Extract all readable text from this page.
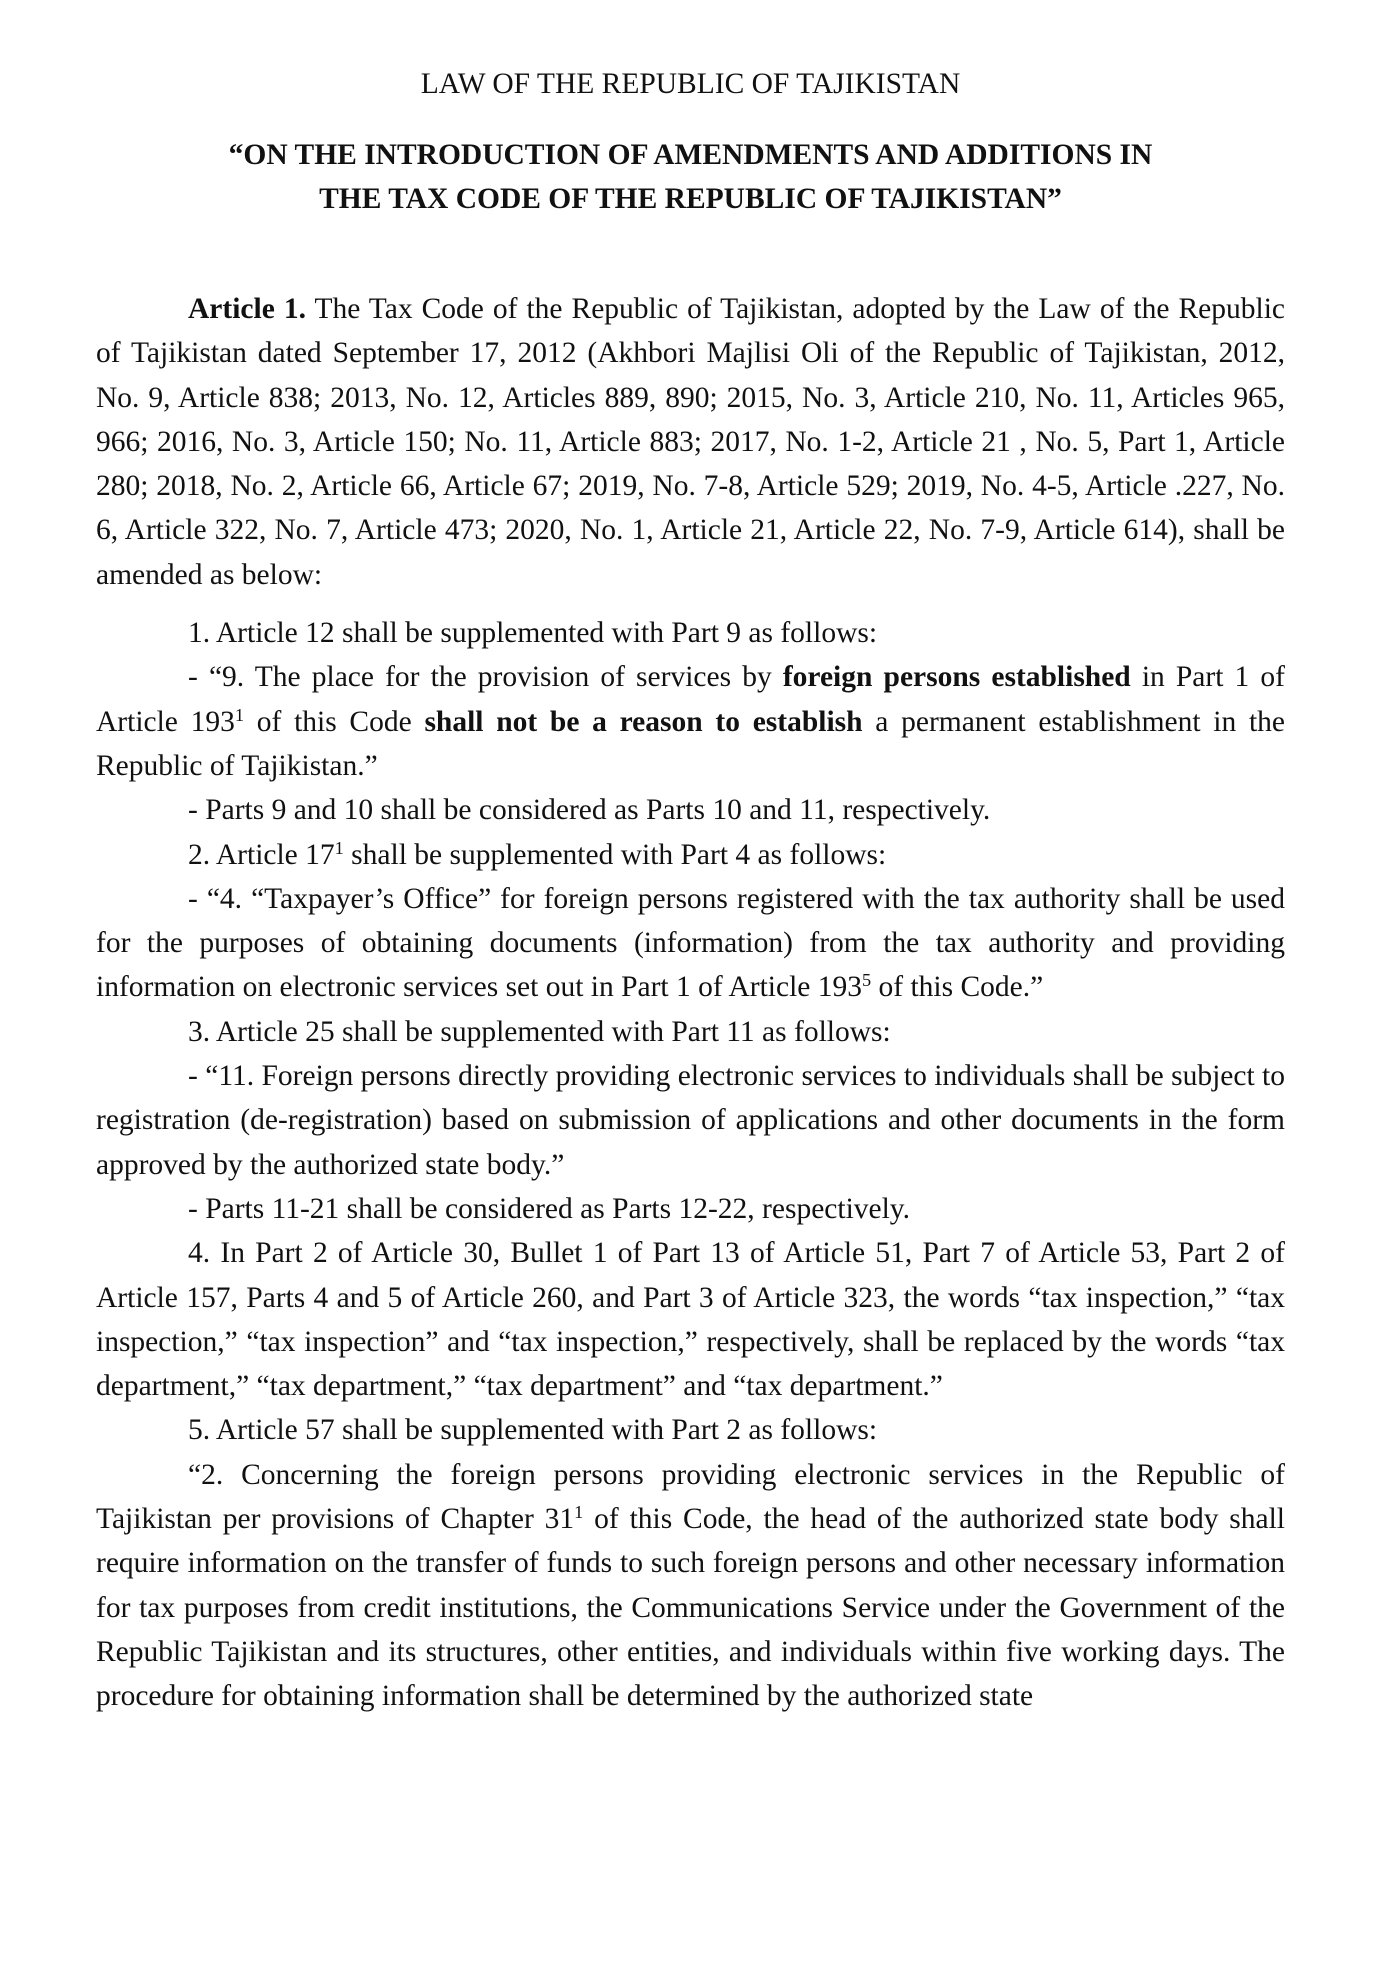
LAW OF THE REPUBLIC OF TAJIKISTAN
“ON THE INTRODUCTION OF AMENDMENTS AND ADDITIONS IN
THE TAX CODE OF THE REPUBLIC OF TAJIKISTAN”

Article 1. The Tax Code of the Republic of Tajikistan, adopted by the Law of the Republic of Tajikistan dated September 17, 2012 (Akhbori Majlisi Oli of the Republic of Tajikistan, 2012, No. 9, Article 838; 2013, No. 12, Articles 889, 890; 2015, No. 3, Article 210, No. 11, Articles 965, 966; 2016, No. 3, Article 150; No. 11, Article 883; 2017, No. 1-2, Article 21 , No. 5, Part 1, Article 280; 2018, No. 2, Article 66, Article 67; 2019, No. 7-8, Article 529; 2019, No. 4-5, Article .227, No. 6, Article 322, No. 7, Article 473; 2020, No. 1, Article 21, Article 22, No. 7-9, Article 614), shall be amended as below:

1. Article 12 shall be supplemented with Part 9 as follows:

- “9. The place for the provision of services by foreign persons established in Part 1 of Article $193^1$ of this Code shall not be a reason to establish a permanent establishment in the Republic of Tajikistan.”

- Parts 9 and 10 shall be considered as Parts 10 and 11, respectively.

2. Article $17^1$ shall be supplemented with Part 4 as follows:

- “4. “Taxpayer’s Office” for foreign persons registered with the tax authority shall be used for the purposes of obtaining documents (information) from the tax authority and providing information on electronic services set out in Part 1 of Article $193^5$ of this Code.”

3. Article 25 shall be supplemented with Part 11 as follows:

- “11. Foreign persons directly providing electronic services to individuals shall be subject to registration (de-registration) based on submission of applications and other documents in the form approved by the authorized state body.”

- Parts 11-21 shall be considered as Parts 12-22, respectively.

4. In Part 2 of Article 30, Bullet 1 of Part 13 of Article 51, Part 7 of Article 53, Part 2 of Article 157, Parts 4 and 5 of Article 260, and Part 3 of Article 323, the words “tax inspection,” “tax inspection,” “tax inspection” and “tax inspection,” respectively, shall be replaced by the words “tax department,” “tax department,” “tax department” and “tax department.”

5. Article 57 shall be supplemented with Part 2 as follows:

“2. Concerning the foreign persons providing electronic services in the Republic of Tajikistan per provisions of Chapter $31^1$ of this Code, the head of the authorized state body shall require information on the transfer of funds to such foreign persons and other necessary information for tax purposes from credit institutions, the Communications Service under the Government of the Republic Tajikistan and its structures, other entities, and individuals within five working days. The procedure for obtaining information shall be determined by the authorized state
